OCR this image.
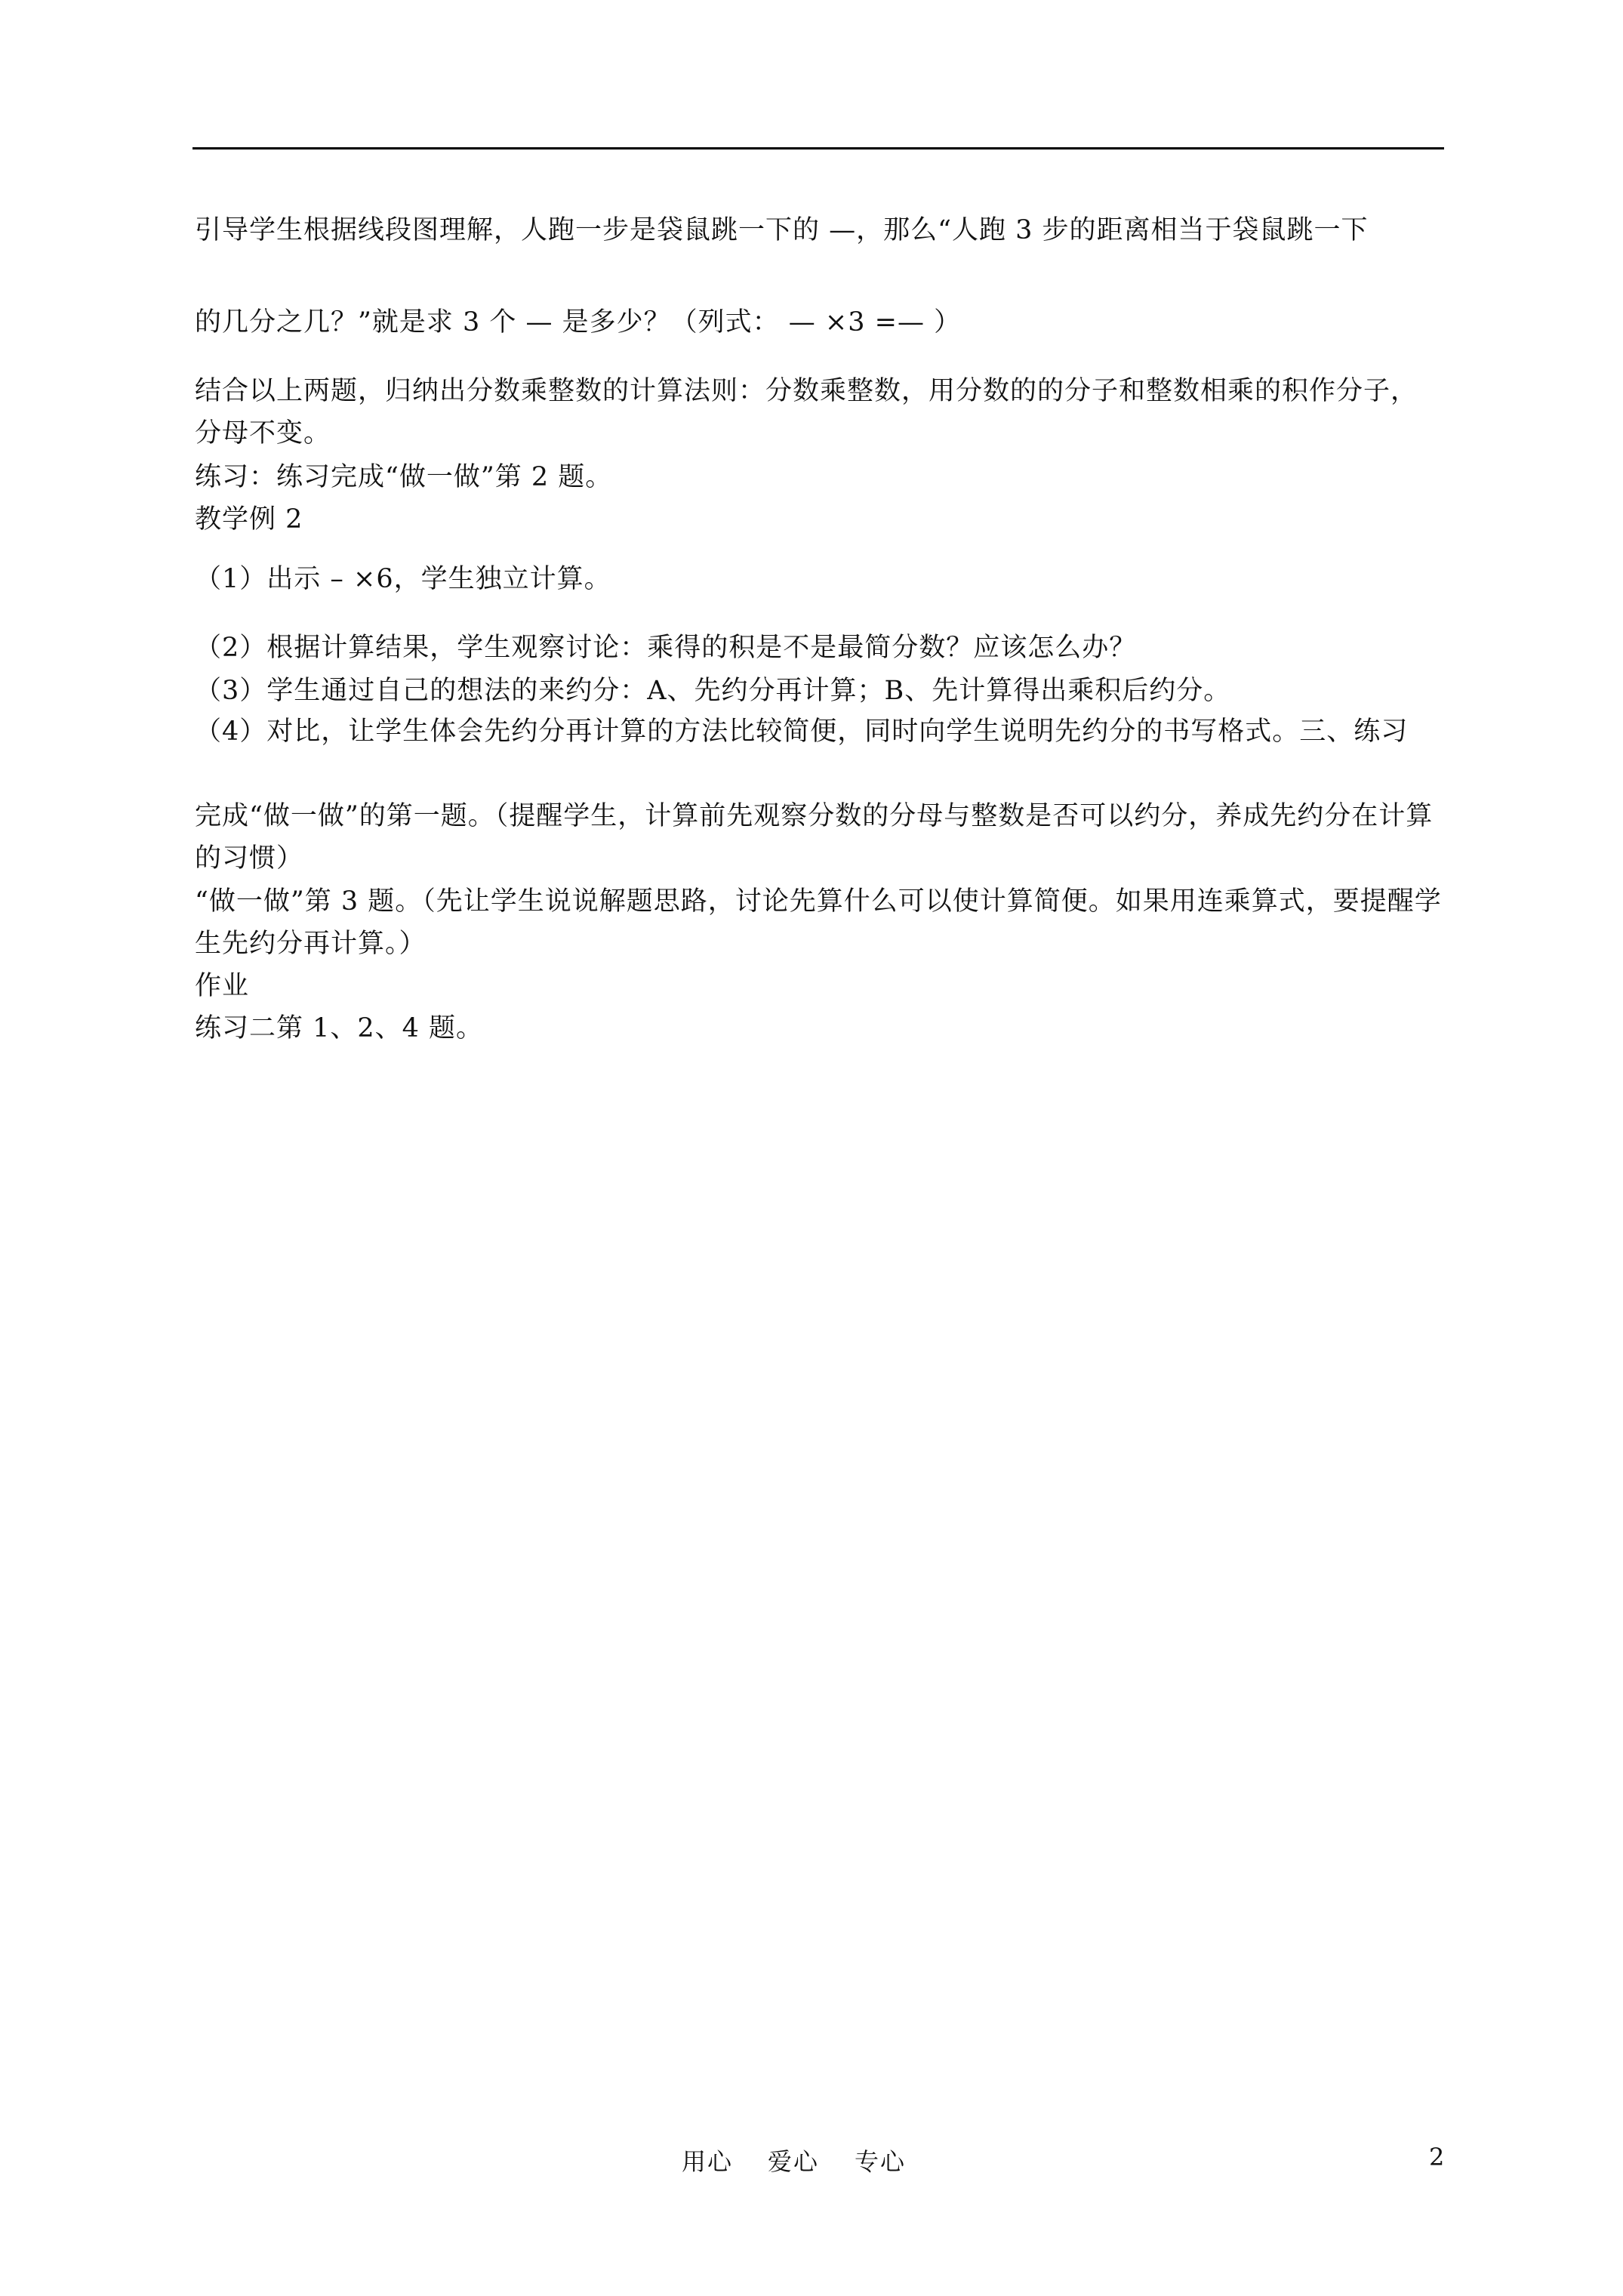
引导学生根据线段图理解，人跑一步是袋鼠跳一下的 —，那么“人跑 3 步的距离相当于袋鼠跳一下
的几分之几？”就是求 3 个 — 是多少？（列式： — ×3 =— ）
结合以上两题，归纳出分数乘整数的计算法则：分数乘整数，用分数的的分子和整数相乘的积作分子，分母不变。
练习：练习完成“做一做”第 2 题。
教学例 2
（1）出示 – ×6，学生独立计算。
（2）根据计算结果，学生观察讨论：乘得的积是不是最简分数？应该怎么办？
（3）学生通过自己的想法的来约分：A、先约分再计算；B、先计算得出乘积后约分。
（4）对比，让学生体会先约分再计算的方法比较简便，同时向学生说明先约分的书写格式。三、练习
完成“做一做”的第一题。（提醒学生，计算前先观察分数的分母与整数是否可以约分，养成先约分在计算的习惯）
“做一做”第 3 题。（先让学生说说解题思路，讨论先算什么可以使计算简便。如果用连乘算式，要提醒学生先约分再计算。）
作业
练习二第 1、2、4 题。
用心 爱心 专心	2
